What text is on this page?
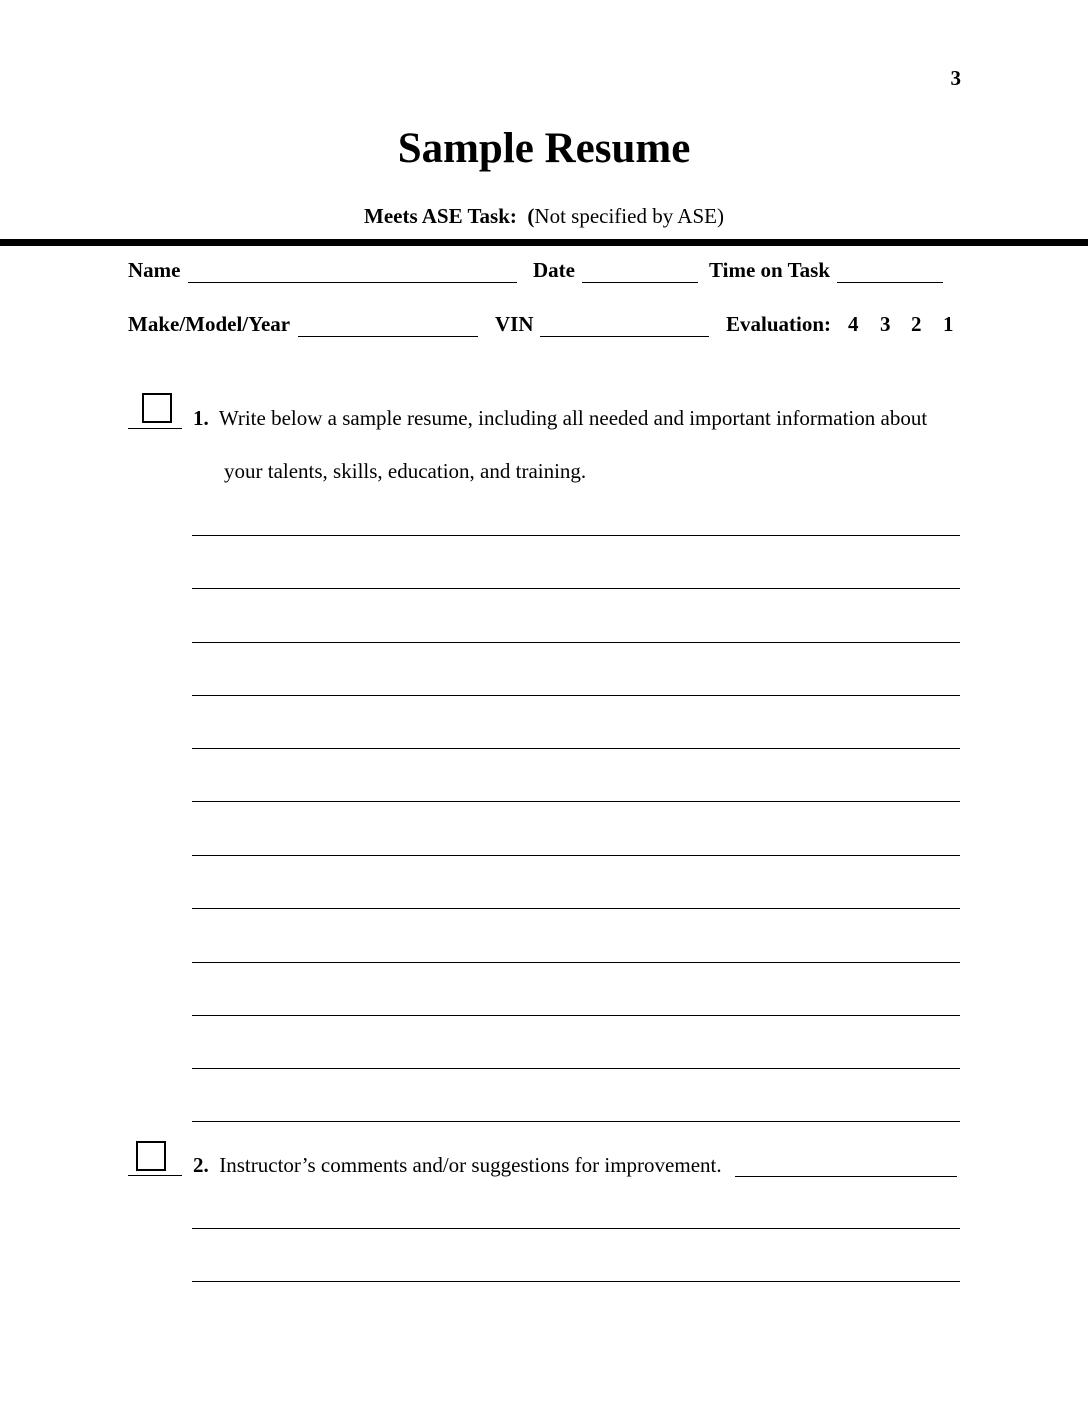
3
Sample Resume
Meets ASE Task: (Not specified by ASE)
Name	Date	Time on Task
Make/Model/Year	VIN	Evaluation: 4 3 2 1
1. Write below a sample resume, including all needed and important information about
your talents, skills, education, and training.
2. Instructor’s comments and/or suggestions for improvement.
